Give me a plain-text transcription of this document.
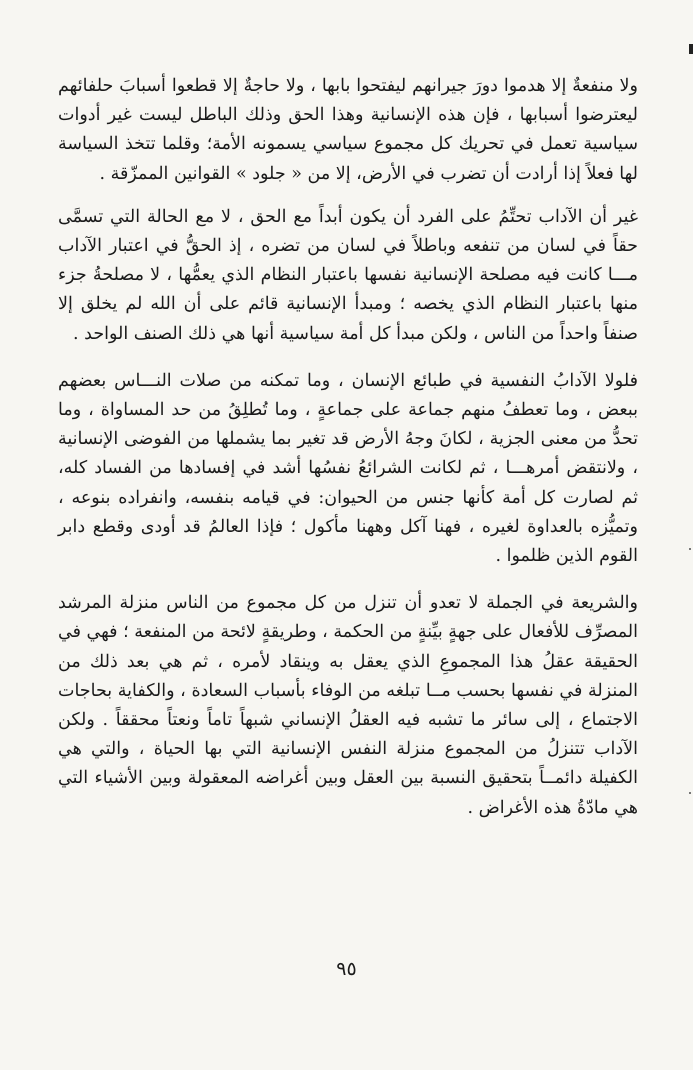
ولا منفعةٌ إلا هدموا دورَ جيرانهم ليفتحوا بابها ، ولا حاجةٌ إلا قطعوا أسبابَ حلفائهم ليعترضوا أسبابها ، فإن هذه الإنسانية وهذا الحق وذلك الباطل ليست غير أدوات سياسية تعمل في تحريك كل مجموع سياسي يسمونه الأمة؛ وقلما تتخذ السياسة لها فعلاً إذا أرادت أن تضرب في الأرض، إلا من « جلود » القوانين الممزّقة .

غير أن الآداب تحتِّمُ على الفرد أن يكون أبداً مع الحق ، لا مع الحالة التي تسمَّى حقاً في لسان من تنفعه وباطلاً في لسان من تضره ، إذ الحقُّ في اعتبار الآداب مـــا كانت فيه مصلحة الإنسانية نفسها باعتبار النظام الذي يعمُّها ، لا مصلحةُ جزء منها باعتبار النظام الذي يخصه ؛ ومبدأ الإنسانية قائم على أن الله لم يخلق إلا صنفاً واحداً من الناس ، ولكن مبدأ كل أمة سياسية أنها هي ذلك الصنف الواحد .

فلولا الآدابُ النفسية في طبائع الإنسان ، وما تمكنه من صلات النـــاس بعضهم ببعض ، وما تعطفُ منهم جماعة على جماعةٍ ، وما تُطلِقُ من حد المساواة ، وما تحدُّ من معنى الجزية ، لكانَ وجهُ الأرض قد تغير بما يشملها من الفوضى الإنسانية ، ولانتقض أمرهـــا ، ثم لكانت الشرائعُ نفسُها أشد في إفسادها من الفساد كله، ثم لصارت كل أمة كأنها جنس من الحيوان: في قيامه بنفسه، وانفراده بنوعه ، وتميُّزه بالعداوة لغيره ، فهنا آكل وههنا مأكول ؛ فإذا العالمُ قد أودى وقطع دابر القوم الذين ظلموا .

والشريعة في الجملة لا تعدو أن تنزل من كل مجموع من الناس منزلة المرشد المصرِّف للأفعال على جهةٍ بيِّنةٍ من الحكمة ، وطريقةٍ لائحة من المنفعة ؛ فهي في الحقيقة عقلُ هذا المجموعِ الذي يعقل به وينقاد لأمره ، ثم هي بعد ذلك من المنزلة في نفسها بحسب مــا تبلغه من الوفاء بأسباب السعادة ، والكفاية بحاجات الاجتماع ، إلى سائر ما تشبه فيه العقلُ الإنساني شبهاً تاماً ونعتاً محققاً . ولكن الآداب تتنزلُ من المجموع منزلة النفس الإنسانية التي بها الحياة ، والتي هي الكفيلة دائمــاً بتحقيق النسبة بين العقل وبين أغراضه المعقولة وبين الأشياء التي هي مادّةُ هذه الأغراض .

٩٥
